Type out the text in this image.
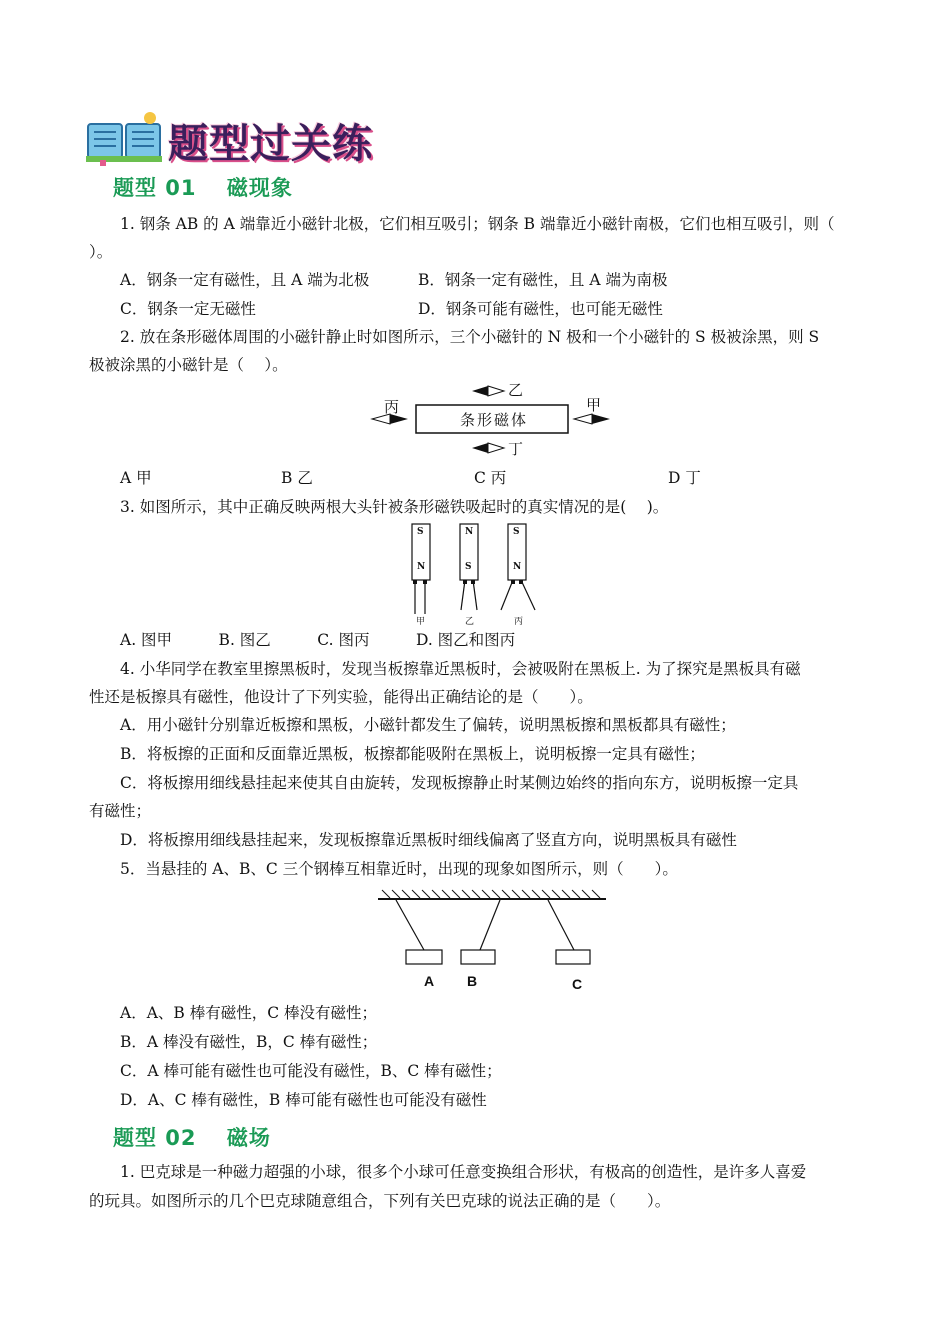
题型过关练
题型 01　 磁现象
1. 钢条 AB 的 A 端靠近小磁针北极，它们相互吸引；钢条 B 端靠近小磁针南极，它们也相互吸引，则（
）。
A．钢条一定有磁性，且 A 端为北极	B．钢条一定有磁性，且 A 端为南极
C．钢条一定无磁性	D．钢条可能有磁性，也可能无磁性
2. 放在条形磁体周围的小磁针静止时如图所示，三个小磁针的 N 极和一个小磁针的 S 极被涂黑，则 S
极被涂黑的小磁针是（　 ）。
条形磁体
乙
丙	甲
丁
A 甲	B 乙	C 丙	D 丁
3. 如图所示，其中正确反映两根大头针被条形磁铁吸起时的真实情况的是(　 )。
S
N
N
S
S
N
甲	乙	丙
A. 图甲　　　B. 图乙　　　C. 图丙　　　D. 图乙和图丙
4. 小华同学在教室里擦黑板时，发现当板擦靠近黑板时，会被吸附在黑板上. 为了探究是黑板具有磁
性还是板擦具有磁性，他设计了下列实验，能得出正确结论的是（　　）。
A．用小磁针分别靠近板擦和黑板，小磁针都发生了偏转，说明黑板擦和黑板都具有磁性；
B．将板擦的正面和反面靠近黑板，板擦都能吸附在黑板上，说明板擦一定具有磁性；
C．将板擦用细线悬挂起来使其自由旋转，发现板擦静止时某侧边始终的指向东方，说明板擦一定具
有磁性；
D．将板擦用细线悬挂起来，发现板擦靠近黑板时细线偏离了竖直方向，说明黑板具有磁性
5．当悬挂的 A、B、C 三个钢棒互相靠近时，出现的现象如图所示，则（　　）。
A B	C
A．A、B 棒有磁性，C 棒没有磁性；
B．A 棒没有磁性，B，C 棒有磁性；
C．A 棒可能有磁性也可能没有磁性，B、C 棒有磁性；
D．A、C 棒有磁性，B 棒可能有磁性也可能没有磁性
题型 02　 磁场
1. 巴克球是一种磁力超强的小球，很多个小球可任意变换组合形状，有极高的创造性，是许多人喜爱
的玩具。如图所示的几个巴克球随意组合，下列有关巴克球的说法正确的是（　　）。
